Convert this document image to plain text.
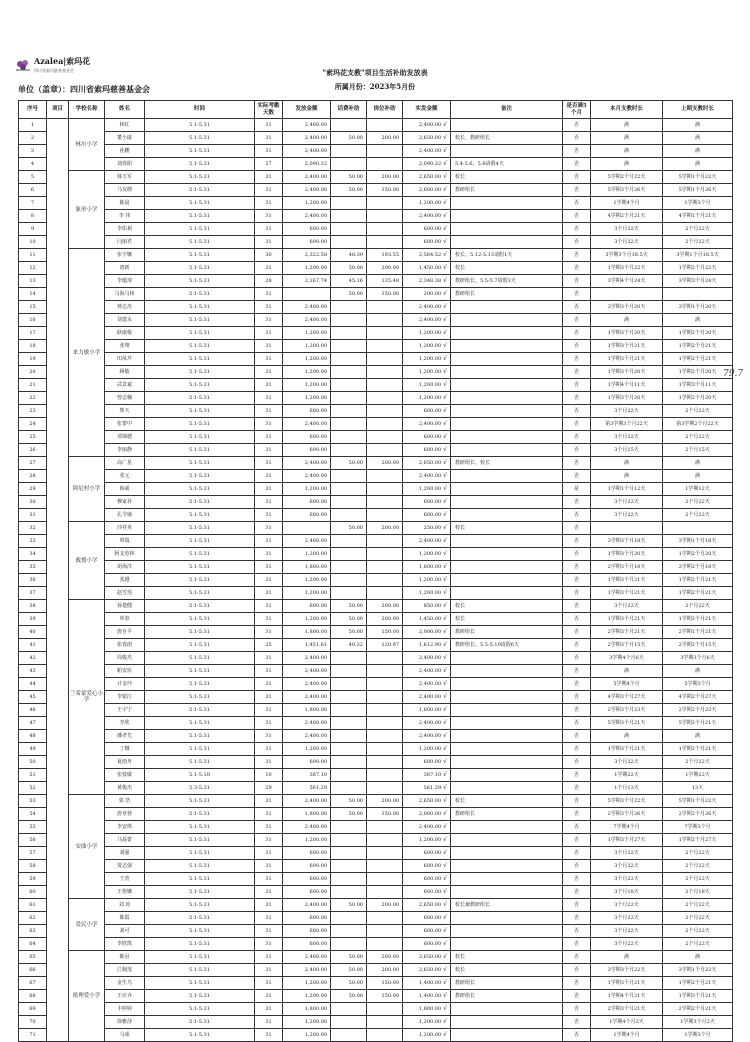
Azalea|索玛花
四川省索玛慈善基金会	"索玛花支教"项目生活补助发放表
所属月份：2023年5月份
单位（盖章）：四川省索玛慈善基金会
79.7
序号	项目	学校名称	姓名	时间	实际考勤天数	发放金额	话费补助	岗位补助	实发金额	备注	是否满5个月	本月支教时长	上期支教时长
1		林川小学	林红	5.1-5.31	31	2,400.00			2,400.00 √		否	满	满
2			董小康	5.1-5.31	31	2,400.00	50.00	200.00	2,650.00 √	校长、教研组长	否	满	满
3			孙鹏	5.1-5.31	31	2,400.00			2,400.00 √		否	满	满
4			刘春阳	5.1-5.31	27	2,090.32			2,090.32 √	5.4-5.6、5.8请假4天	否	满	满
5		象形小学	韩玉军	5.1-5.31	31	2,400.00	50.00	200.00	2,650.00 √	校长	否	5学期2个月22天	5学期1个月22天
6			马友晓	5.1-5.31	31	2,400.00	50.00	150.00	2,600.00 √	教研组长	否	5学期3个月26天	5学期1个月26天
7			陈晨	5.1-5.31	31	1,200.00			1,200.00 √		否	1学期4个月	1学期3个月
8			李 伟	5.1-5.31	31	2,400.00			2,400.00 √		否	4学期2个月21天	4学期1个月21天
9			李佑祺	5.1-5.31	31	600.00			600.00 √		否	3个月22天	2个月22天
10			闫丽君	5.1-5.31	31	600.00			600.00 √		否	3个月22天	2个月22天
11		来力敏小学	张宇娜	5.1-5.31	30	2,322.58	48.39	193.55	2,564.52 √	校长、5.12-5.13请假1天	否	3学期3个月18.5天	3学期1个月18.5天
12			唐新	5.1-5.31	31	1,200.00	50.00	200.00	1,450.00 √	校长	否	1学期3个月22天	1学期2个月22天
13			李蕴琦	5.1-5.31	28	2,167.74	45.16	135.48	2,348.38 √	教研组长、5.5-5.7请假3天	否	3学期4个月24天	3学期3个月24天
14			马海马林	5.1-5.31	31		50.00	150.00	200.00 √	教研组长	否		
15			钟志杰	5.1-5.31	31	2,400.00			2,400.00 √		否	3学期3个月20天	3学期1个月20天
16			刘建永	5.1-5.31	31	2,400.00			2,400.00 √		否	满	满
17			耿康俊	5.1-5.31	31	1,200.00			1,200.00 √		否	1学期3个月20天	1学期2个月20天
18			张翔	5.1-5.31	31	1,200.00			1,200.00 √		否	1学期3个月21天	1学期2个月21天
19			田凤芹	5.1-5.31	31	1,200.00			1,200.00 √		否	1学期3个月21天	1学期2个月21天
20			顾敏	5.1-5.31	31	1,200.00			1,200.00 √		否	1学期3个月20天	1学期2个月20天
21			武景斌	5.1-5.31	31	1,200.00			1,200.00 √		否	1学期4个月11天	1学期3个月11天
22			曾志楠	5.1-5.31	31	1,200.00			1,200.00 √		否	1学期3个月20天	1学期2个月20天
23			柴天	5.1-5.31	31	600.00			600.00 √		否	3个月22天	2个月22天
24			张蕾中	5.1-5.31	31	2,400.00			2,400.00 √		否	第3学期3个月22天	第3学期2个月22天
25			邓锦德	5.1-5.31	31	600.00			600.00 √		否	3个月22天	2个月22天
26			李丽静	5.1-5.31	31	600.00			600.00 √		否	3个月15天	2个月15天
27		阿尼村小学	高广星	5.1-5.31	31	2,400.00	50.00	200.00	2,650.00 √	教研组长、校长	否	满	满
28			张元	5.1-5.31	31	2,400.00			2,400.00 √		否	满	满
29			韩威	5.1-5.31	31	1,200.00			1,200.00 √		是	1学期1个月12天	1学期12天
30			穆家祥	5.1-5.31	31	600.00			600.00 √		否	3个月22天	2个月22天
31			孔令瑜	5.1-5.31	31	600.00			600.00 √		否	3个月22天	2个月22天
32		救援小学	沙祥英	5.1-5.31	31		50.00	200.00	250.00 √	校长	否		
33			覃瑞	5.1-5.31	31	2,400.00			2,400.00 √		否	3学期3个月18天	3学期1个月18天
34			阿支惹林	5.1-5.31	31	1,200.00			1,200.00 √		否	1学期3个月20天	1学期2个月20天
35			胡海洋	5.1-5.31	31	1,800.00			1,800.00 √		否	2学期3个月18天	2学期2个月18天
36			张越	5.1-5.31	31	1,200.00			1,200.00 √		否	1学期3个月21天	1学期2个月21天
37			赵雪莲	5.1-5.31	31	1,200.00			1,200.00 √		否	1学期3个月21天	1学期2个月21天
38		兰希蒙爱心小学	孙楚健	5.1-5.31	31	600.00	50.00	200.00	850.00 √	校长	否	3个月22天	2个月22天
39			单春	5.1-5.31	31	1,200.00	50.00	200.00	1,450.00 √	校长	否	1学期3个月21天	1学期2个月21天
40			唐自平	5.1-5.31	31	1,800.00	50.00	150.00	2,000.00 √	教研组长	否	2学期3个月21天	2学期1个月21天
41			张春雨	5.1-5.31	25	1,451.61	40.32	120.97	1,612.90 √	教研组长、5.5-5.10请假6天	否	2学期3个月15天	2学期2个月15天
42			周俊杰	5.1-5.31	31	2,400.00			2,400.00 √		否	3学期4个月6天	3学期3个月6天
43			帕安炫	5.1-5.31	31	2,400.00			2,400.00 √		否	满	满
44			计金玲	5.1-5.31	31	2,400.00			2,400.00 √		否	5学期4个月	5学期3个月
45			李银江	5.1-5.31	31	2,400.00			2,400.00 √		否	4学期3个月27天	4学期2个月27天
46			王宇宁	5.1-5.31	31	1,800.00			1,800.00 √		否	2学期3个月23天	2学期2个月23天
47			李欣	5.1-5.31	31	2,400.00			2,400.00 √		否	5学期3个月21天	5学期2个月21天
48			潘孝先	5.1-5.31	31	2,400.00			2,400.00 √		否	满	满
49			丁娜	5.1-5.31	31	1,200.00			1,200.00 √		否	1学期3个月21天	1学期2个月21天
50			夏雨舟	5.1-5.31	31	600.00			600.00 √		否	3个月22天	2个月22天
51			张枝敏	5.1-5.10	10	387.10			387.10 √		否	1学期22天	1学期22天
52			黄俊杰	5.3-5.31	29	561.29			561.29 √		否	1个月13天	13天
53		安曲小学	郭 浩	5.1-5.31	31	2,400.00	50.00	200.00	2,650.00 √	校长	否	5学期3个月22天	5学期1个月22天
54			唐亚蓉	5.1-5.31	31	1,800.00	50.00	150.00	2,000.00 √	教研组长	否	2学期3个月26天	2学期2个月26天
55			李安琪	5.1-5.31	31	2,400.00			2,400.00 √		否	7学期4个月	7学期3个月
56			马磊蕾	5.1-5.31	31	1,200.00			1,200.00 √		否	1学期3个月27天	1学期2个月27天
57			刘强	5.1-5.31	31	600.00			600.00 √		否	3个月22天	2个月22天
58			贾志强	5.1-5.31	31	600.00			600.00 √		否	3个月22天	2个月22天
59			王萱	5.1-5.31	31	600.00			600.00 √		否	3个月22天	2个月22天
60			王艳娜	5.1-5.31	31	600.00			600.00 √		否	3个月18天	2个月18天
61		爱民小学	刘 涛	5.1-5.31	31	2,400.00	50.00	200.00	2,650.00 √	校长兼教研组长	否	3个月22天	2个月22天
62			陈霞	5.1-5.31	31	600.00			600.00 √		否	3个月22天	2个月22天
63			刘可	5.1-5.31	31	600.00			600.00 √		否	3个月22天	2个月22天
64			李欣凯	5.1-5.31	31	600.00			600.00 √		否	3个月22天	2个月22天
65		依理爱小学	陈冠	5.1-5.31	31	2,400.00	50.00	200.00	2,650.00 √	校长	否	满	满
66			江佩莲	5.1-5.31	31	2,400.00	50.00	200.00	2,650.00 √	校长	否	3学期3个月22天	3学期1个月22天
67			金生鸟	5.1-5.31	31	1,200.00	50.00	150.00	1,400.00 √	教研组长	否	1学期3个月21天	1学期2个月21天
68			王应齐	5.1-5.31	31	1,200.00	50.00	150.00	1,400.00 √	教研组长	否	1学期4个月21天	1学期3个月21天
69			丰婷婷	5.1-5.31	31	1,800.00			1,800.00 √		否	2学期3个月21天	2学期2个月21天
70			徐雅莎	5.1-5.31	31	1,200.00			1,200.00 √		否	1学期4个月2天	1学期3个月2天
71			马成	5.1-5.31	31	1,200.00			1,200.00 √		否	1学期4个月	1学期3个月
